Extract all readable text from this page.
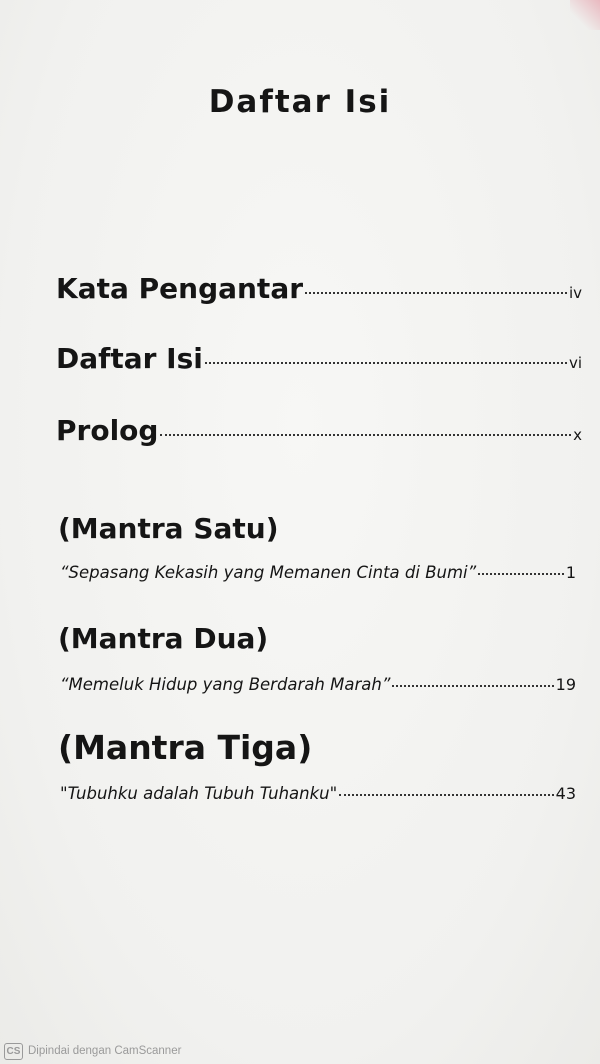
Daftar Isi
Kata Pengantar	iv
Daftar Isi	vi
Prolog	x
(Mantra Satu)
“Sepasang Kekasih yang Memanen Cinta di Bumi”	1
(Mantra Dua)
“Memeluk Hidup yang Berdarah Marah”	19
(Mantra Tiga)
"Tubuhku adalah Tubuh Tuhanku"	43
CS Dipindai dengan CamScanner
